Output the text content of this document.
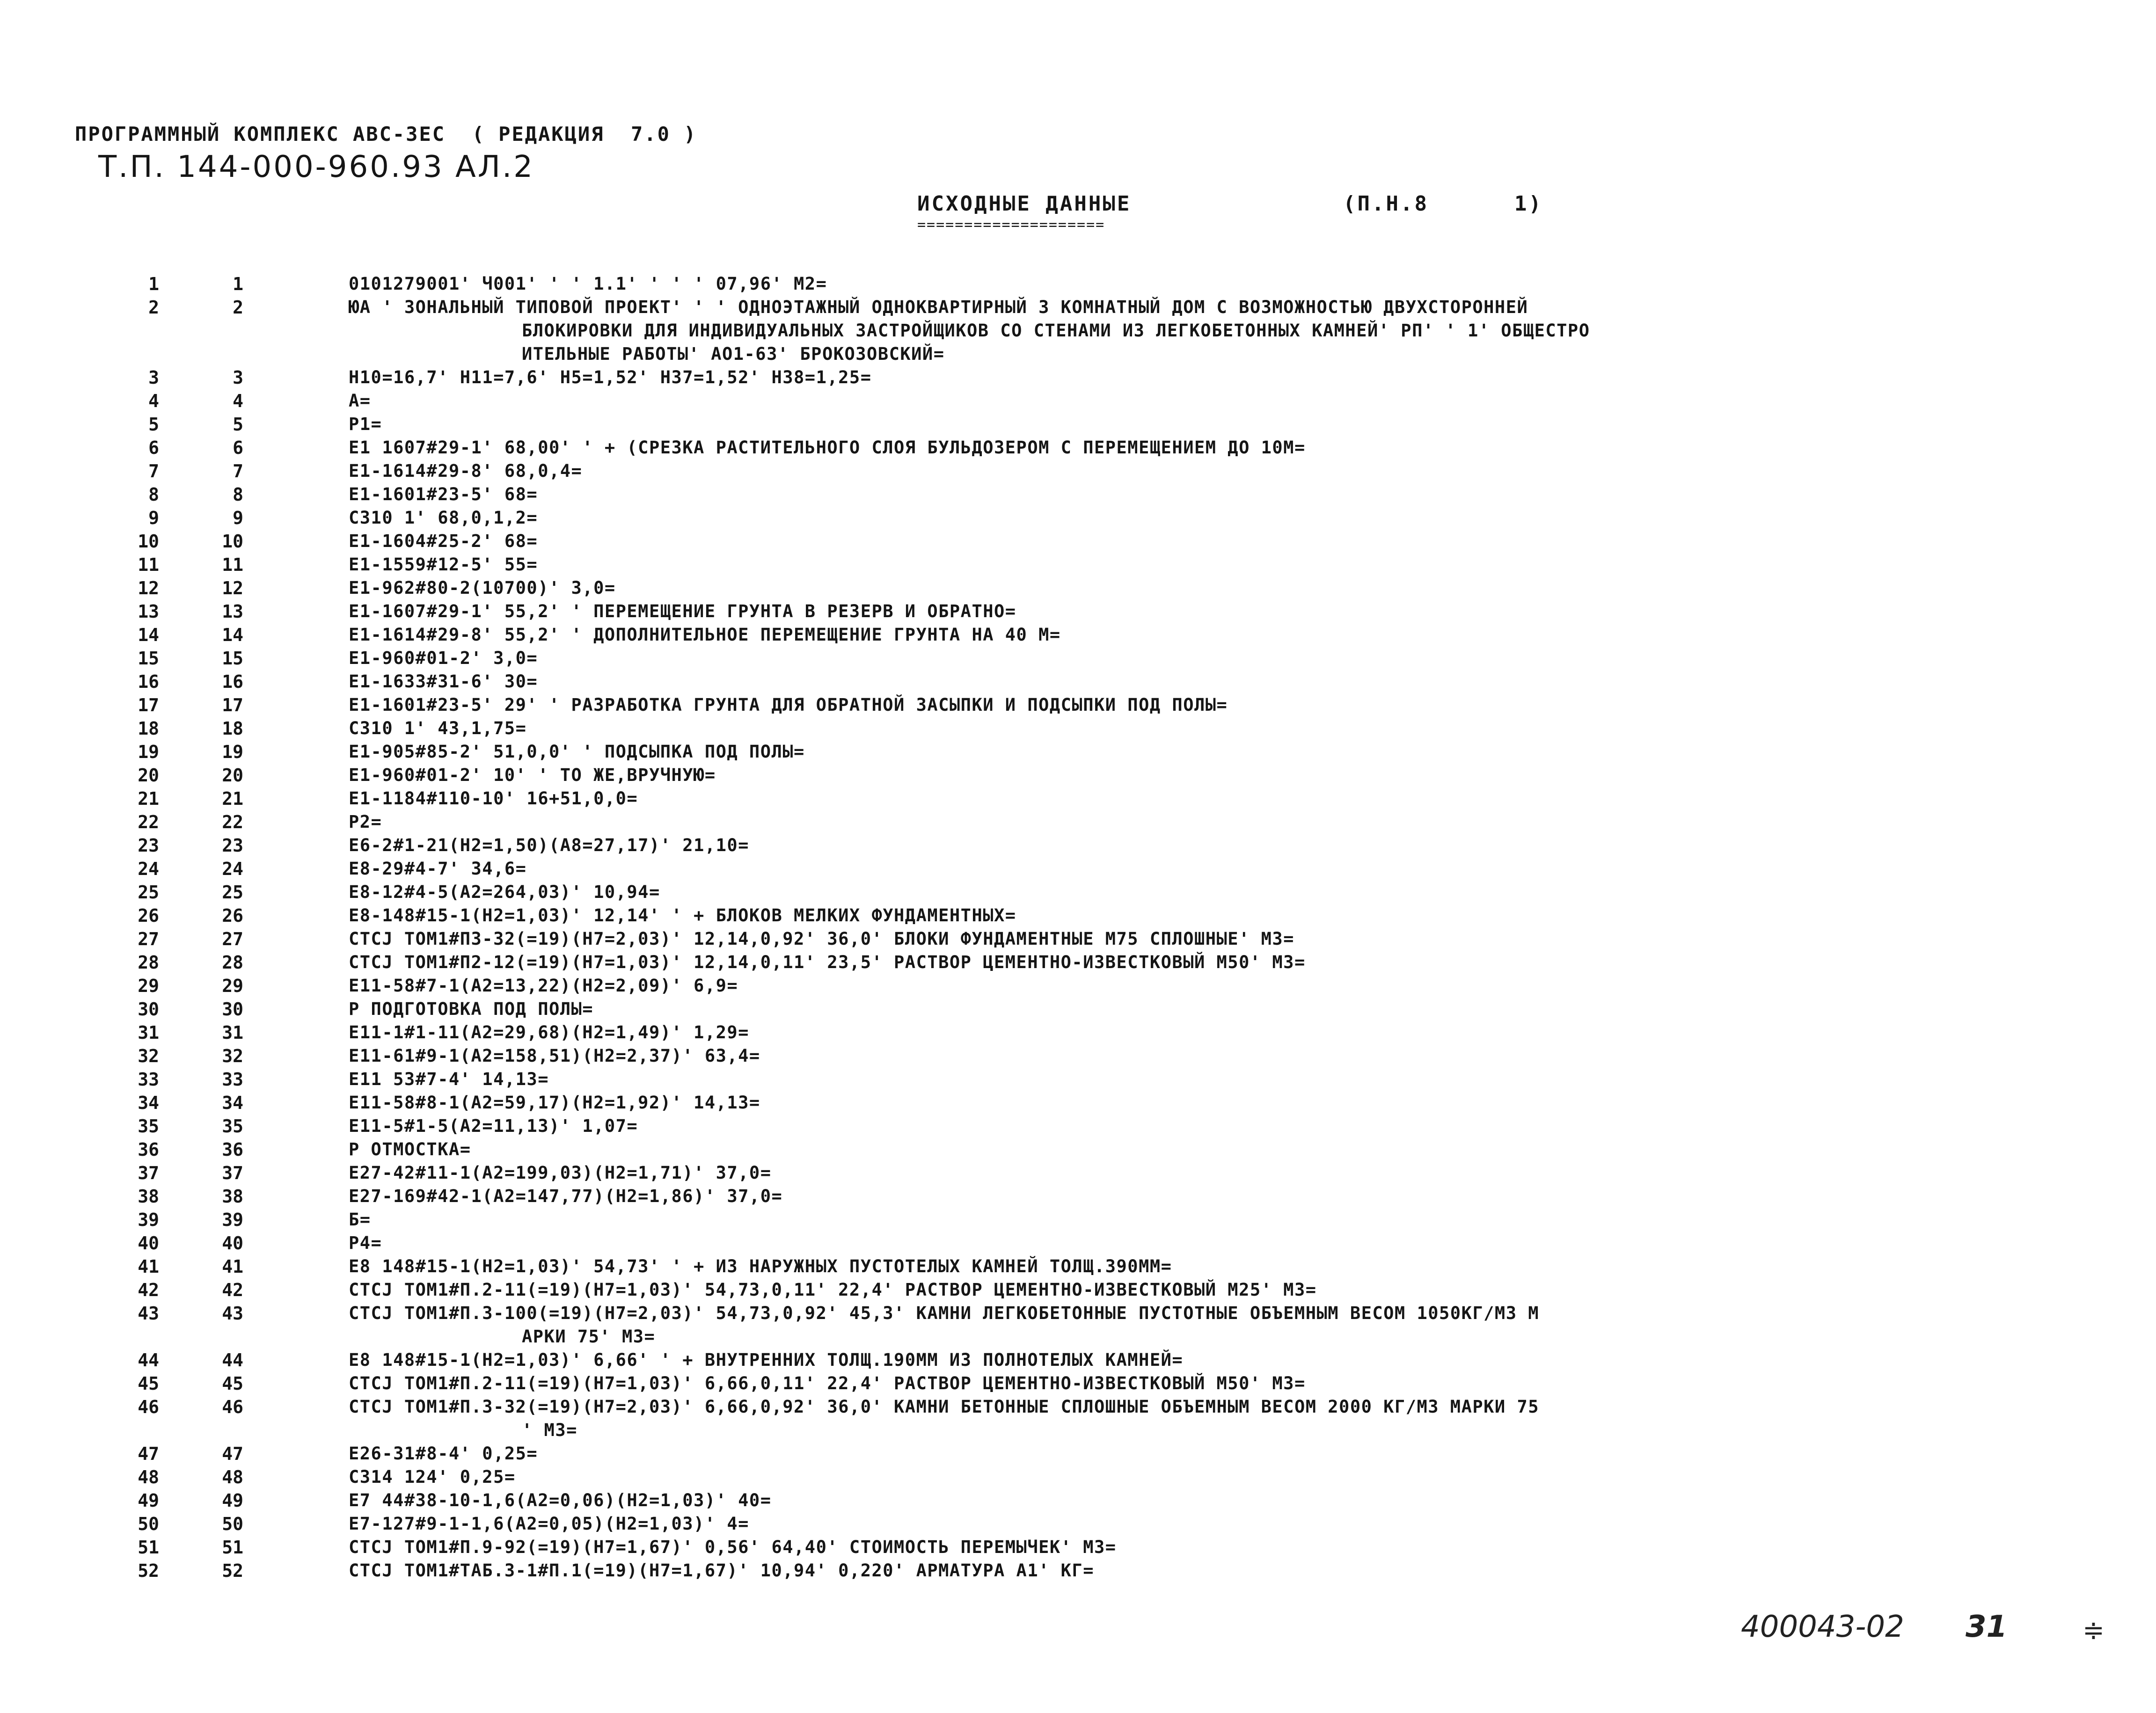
ПРОГРАММНЫЙ КОМПЛЕКС АВС-3ЕС  ( РЕДАКЦИЯ  7.0 )
Т.П. 144-000-960.93 АЛ.2
ИСХОДНЫЕ ДАННЫЕ
====================
(П.Н.8      1)
1	1	0101279001' Ч001' ' ' 1.1' ' ' ' 07,96' М2=
2	2	ЮА ' ЗОНАЛЬНЫЙ ТИПОВОЙ ПРОЕКТ' ' ' ОДНОЭТАЖНЫЙ ОДНОКВАРТИРНЫЙ 3 КОМНАТНЫЙ ДОМ С ВОЗМОЖНОСТЬЮ ДВУХСТОРОННЕЙ
БЛОКИРОВКИ ДЛЯ ИНДИВИДУАЛЬНЫХ ЗАСТРОЙЩИКОВ СО СТЕНАМИ ИЗ ЛЕГКОБЕТОННЫХ КАМНЕЙ' РП' ' 1' ОБЩЕСТРО
ИТЕЛЬНЫЕ РАБОТЫ' АО1-63' БРОКОЗОВСКИЙ=
3	3	Н10=16,7' Н11=7,6' Н5=1,52' Н37=1,52' Н38=1,25=
4	4	А=
5	5	Р1=
6	6	Е1 1607#29-1' 68,00' ' + (СРЕЗКА РАСТИТЕЛЬНОГО СЛОЯ БУЛЬДОЗЕРОМ С ПЕРЕМЕЩЕНИЕМ ДО 10М=
7	7	Е1-1614#29-8' 68,0,4=
8	8	Е1-1601#23-5' 68=
9	9	С310 1' 68,0,1,2=
10	10	Е1-1604#25-2' 68=
11	11	Е1-1559#12-5' 55=
12	12	Е1-962#80-2(10700)' 3,0=
13	13	Е1-1607#29-1' 55,2' ' ПЕРЕМЕЩЕНИЕ ГРУНТА В РЕЗЕРВ И ОБРАТНО=
14	14	Е1-1614#29-8' 55,2' ' ДОПОЛНИТЕЛЬНОЕ ПЕРЕМЕЩЕНИЕ ГРУНТА НА 40 М=
15	15	Е1-960#01-2' 3,0=
16	16	Е1-1633#31-6' 30=
17	17	Е1-1601#23-5' 29' ' РАЗРАБОТКА ГРУНТА ДЛЯ ОБРАТНОЙ ЗАСЫПКИ И ПОДСЫПКИ ПОД ПОЛЫ=
18	18	С310 1' 43,1,75=
19	19	Е1-905#85-2' 51,0,0' ' ПОДСЫПКА ПОД ПОЛЫ=
20	20	Е1-960#01-2' 10' ' ТО ЖЕ,ВРУЧНУЮ=
21	21	Е1-1184#110-10' 16+51,0,0=
22	22	Р2=
23	23	Е6-2#1-21(Н2=1,50)(А8=27,17)' 21,10=
24	24	Е8-29#4-7' 34,6=
25	25	Е8-12#4-5(А2=264,03)' 10,94=
26	26	Е8-148#15-1(Н2=1,03)' 12,14' ' + БЛОКОВ МЕЛКИХ ФУНДАМЕНТНЫХ=
27	27	СТСЈ ТОМ1#П3-32(=19)(Н7=2,03)' 12,14,0,92' 36,0' БЛОКИ ФУНДАМЕНТНЫЕ М75 СПЛОШНЫЕ' М3=
28	28	СТСЈ ТОМ1#П2-12(=19)(Н7=1,03)' 12,14,0,11' 23,5' РАСТВОР ЦЕМЕНТНО-ИЗВЕСТКОВЫЙ М50' М3=
29	29	Е11-58#7-1(А2=13,22)(Н2=2,09)' 6,9=
30	30	Р ПОДГОТОВКА ПОД ПОЛЫ=
31	31	Е11-1#1-11(А2=29,68)(Н2=1,49)' 1,29=
32	32	Е11-61#9-1(А2=158,51)(Н2=2,37)' 63,4=
33	33	Е11 53#7-4' 14,13=
34	34	Е11-58#8-1(А2=59,17)(Н2=1,92)' 14,13=
35	35	Е11-5#1-5(А2=11,13)' 1,07=
36	36	Р ОТМОСТКА=
37	37	Е27-42#11-1(А2=199,03)(Н2=1,71)' 37,0=
38	38	Е27-169#42-1(А2=147,77)(Н2=1,86)' 37,0=
39	39	Б=
40	40	Р4=
41	41	Е8 148#15-1(Н2=1,03)' 54,73' ' + ИЗ НАРУЖНЫХ ПУСТОТЕЛЫХ КАМНЕЙ ТОЛЩ.390ММ=
42	42	СТСЈ ТОМ1#П.2-11(=19)(Н7=1,03)' 54,73,0,11' 22,4' РАСТВОР ЦЕМЕНТНО-ИЗВЕСТКОВЫЙ М25' М3=
43	43	СТСЈ ТОМ1#П.3-100(=19)(Н7=2,03)' 54,73,0,92' 45,3' КАМНИ ЛЕГКОБЕТОННЫЕ ПУСТОТНЫЕ ОБЪЕМНЫМ ВЕСОМ 1050КГ/М3 М
АРКИ 75' М3=
44	44	Е8 148#15-1(Н2=1,03)' 6,66' ' + ВНУТРЕННИХ ТОЛЩ.190ММ ИЗ ПОЛНОТЕЛЫХ КАМНЕЙ=
45	45	СТСЈ ТОМ1#П.2-11(=19)(Н7=1,03)' 6,66,0,11' 22,4' РАСТВОР ЦЕМЕНТНО-ИЗВЕСТКОВЫЙ М50' М3=
46	46	СТСЈ ТОМ1#П.3-32(=19)(Н7=2,03)' 6,66,0,92' 36,0' КАМНИ БЕТОННЫЕ СПЛОШНЫЕ ОБЪЕМНЫМ ВЕСОМ 2000 КГ/М3 МАРКИ 75
' М3=
47	47	Е26-31#8-4' 0,25=
48	48	С314 124' 0,25=
49	49	Е7 44#38-10-1,6(А2=0,06)(Н2=1,03)' 40=
50	50	Е7-127#9-1-1,6(А2=0,05)(Н2=1,03)' 4=
51	51	СТСЈ ТОМ1#П.9-92(=19)(Н7=1,67)' 0,56' 64,40' СТОИМОСТЬ ПЕРЕМЫЧЕК' М3=
52	52	СТСЈ ТОМ1#ТАБ.3-1#П.1(=19)(Н7=1,67)' 10,94' 0,220' АРМАТУРА А1' КГ=
400043-02 31	≑
